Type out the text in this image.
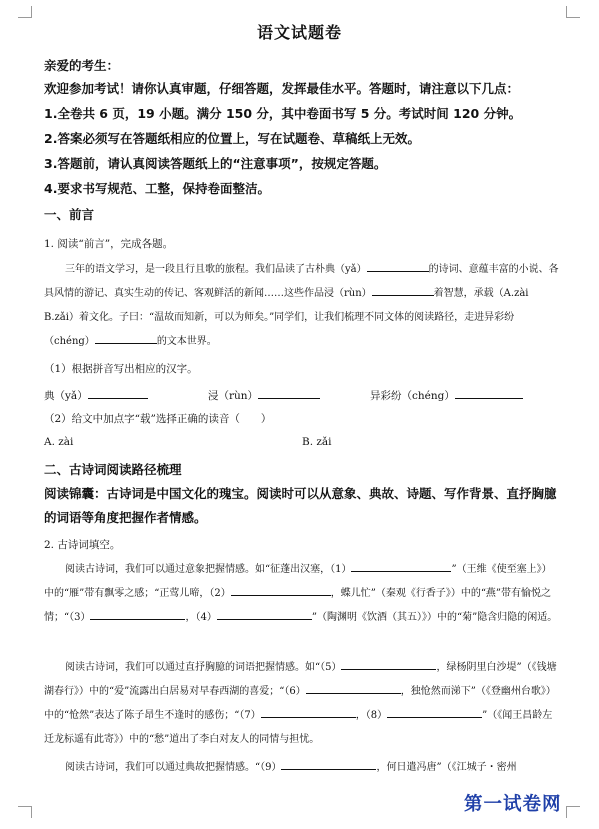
语文试题卷
亲爱的考生：
欢迎参加考试！请你认真审题，仔细答题，发挥最佳水平。答题时，请注意以下几点：
1.全卷共 6 页，19 小题。满分 150 分，其中卷面书写 5 分。考试时间 120 分钟。
2.答案必须写在答题纸相应的位置上，写在试题卷、草稿纸上无效。
3.答题前，请认真阅读答题纸上的“注意事项”，按规定答题。
4.要求书写规范、工整，保持卷面整洁。
一、前言
1. 阅读“前言”，完成各题。
三年的语文学习，是一段且行且歌的旅程。我们品读了古朴典（yǎ）	的诗词、意蕴丰富的小说、各具风情的游记、真实生动的传记、客观鲜活的新闻……这些作品浸（rùn）	着智慧，承载（A.zài　B.zǎi）着文化。子曰：“温故而知新，可以为师矣。”同学们，让我们梳理不同文体的阅读路径，走进异彩纷（chéng）	的文本世界。
（1）根据拼音写出相应的汉字。
典（yǎ）	浸（rùn）	异彩纷（chéng）
（2）给文中加点字“载”选择正确的读音（　　）
A. zài	B. zǎi
二、古诗词阅读路径梳理
阅读锦囊：古诗词是中国文化的瑰宝。阅读时可以从意象、典故、诗题、写作背景、直抒胸臆的词语等角度把握作者情感。
2. 古诗词填空。
阅读古诗词，我们可以通过意象把握情感。如“征蓬出汉塞，（1）	”（王维《使至塞上》）中的“雁”带有飘零之感；“正莺儿啼，（2）	，蝶儿忙”（秦观《行香子》）中的“燕”带有愉悦之情；“（3）	，（4）	”（陶渊明《饮酒（其五）》）中的“菊”隐含归隐的闲适。
阅读古诗词，我们可以通过直抒胸臆的词语把握情感。如“（5）	，绿杨阴里白沙堤”（《钱塘湖春行》）中的“爱”流露出白居易对早春西湖的喜爱；“（6）	，独怆然而涕下”（《登幽州台歌》）中的“怆然”表达了陈子昂生不逢时的感伤；“（7）	，（8）	”（《闻王昌龄左迁龙标遥有此寄》）中的“愁”道出了李白对友人的同情与担忧。
阅读古诗词，我们可以通过典故把握情感。“（9）	，何日遣冯唐”（《江城子・密州
第一试卷网
